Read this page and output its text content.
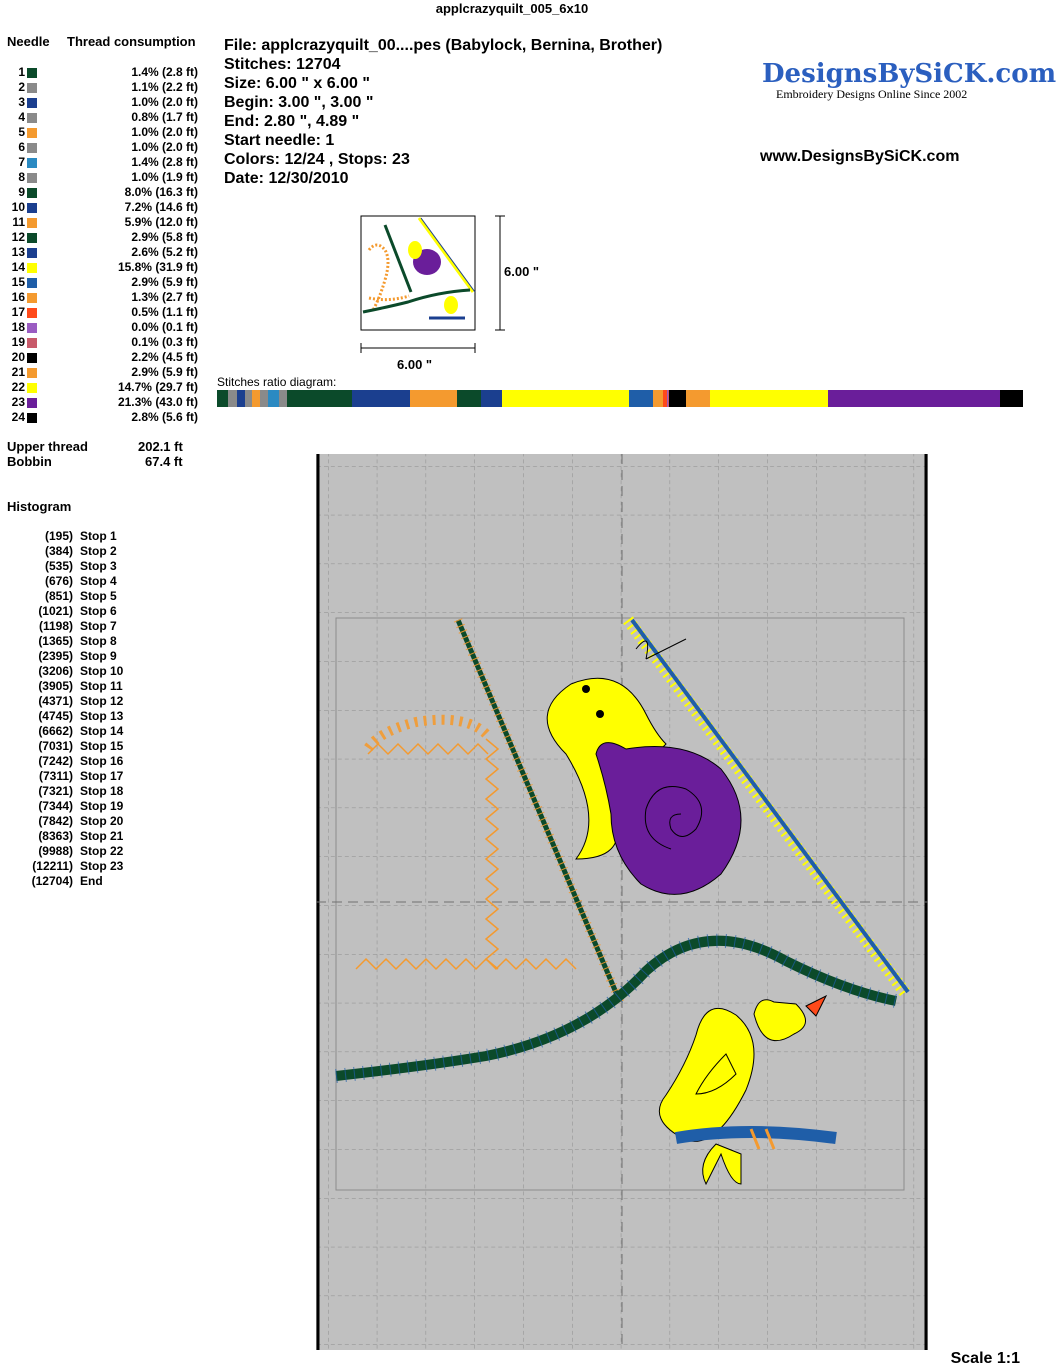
applcrazyquilt_005_6x10
Needle Thread consumption
1	1.4% (2.8 ft)
2	1.1% (2.2 ft)
3	1.0% (2.0 ft)
4	0.8% (1.7 ft)
5	1.0% (2.0 ft)
6	1.0% (2.0 ft)
7	1.4% (2.8 ft)
8	1.0% (1.9 ft)
9	8.0% (16.3 ft)
10	7.2% (14.6 ft)
11	5.9% (12.0 ft)
12	2.9% (5.8 ft)
13	2.6% (5.2 ft)
14	15.8% (31.9 ft)
15	2.9% (5.9 ft)
16	1.3% (2.7 ft)
17	0.5% (1.1 ft)
18	0.0% (0.1 ft)
19	0.1% (0.3 ft)
20	2.2% (4.5 ft)
21	2.9% (5.9 ft)
22	14.7% (29.7 ft)
23	21.3% (43.0 ft)
24	2.8% (5.6 ft)
Upper thread	202.1 ft
Bobbin	67.4 ft
Histogram
(195) Stop 1
(384) Stop 2
(535) Stop 3
(676) Stop 4
(851) Stop 5
(1021) Stop 6
(1198) Stop 7
(1365) Stop 8
(2395) Stop 9
(3206) Stop 10
(3905) Stop 11
(4371) Stop 12
(4745) Stop 13
(6662) Stop 14
(7031) Stop 15
(7242) Stop 16
(7311) Stop 17
(7321) Stop 18
(7344) Stop 19
(7842) Stop 20
(8363) Stop 21
(9988) Stop 22
(12211) Stop 23
(12704) End
File: applcrazyquilt_00....pes (Babylock, Bernina, Brother)
Stitches: 12704
Size: 6.00 " x 6.00 "
Begin: 3.00 ", 3.00 "
End: 2.80 ", 4.89 "
Start needle: 1
Colors: 12/24 , Stops: 23
Date: 12/30/2010
DesignsBySiCK.com
Embroidery Designs Online Since 2002
www.DesignsBySiCK.com
6.00 "
6.00 "
Stitches ratio diagram:
Scale 1:1
